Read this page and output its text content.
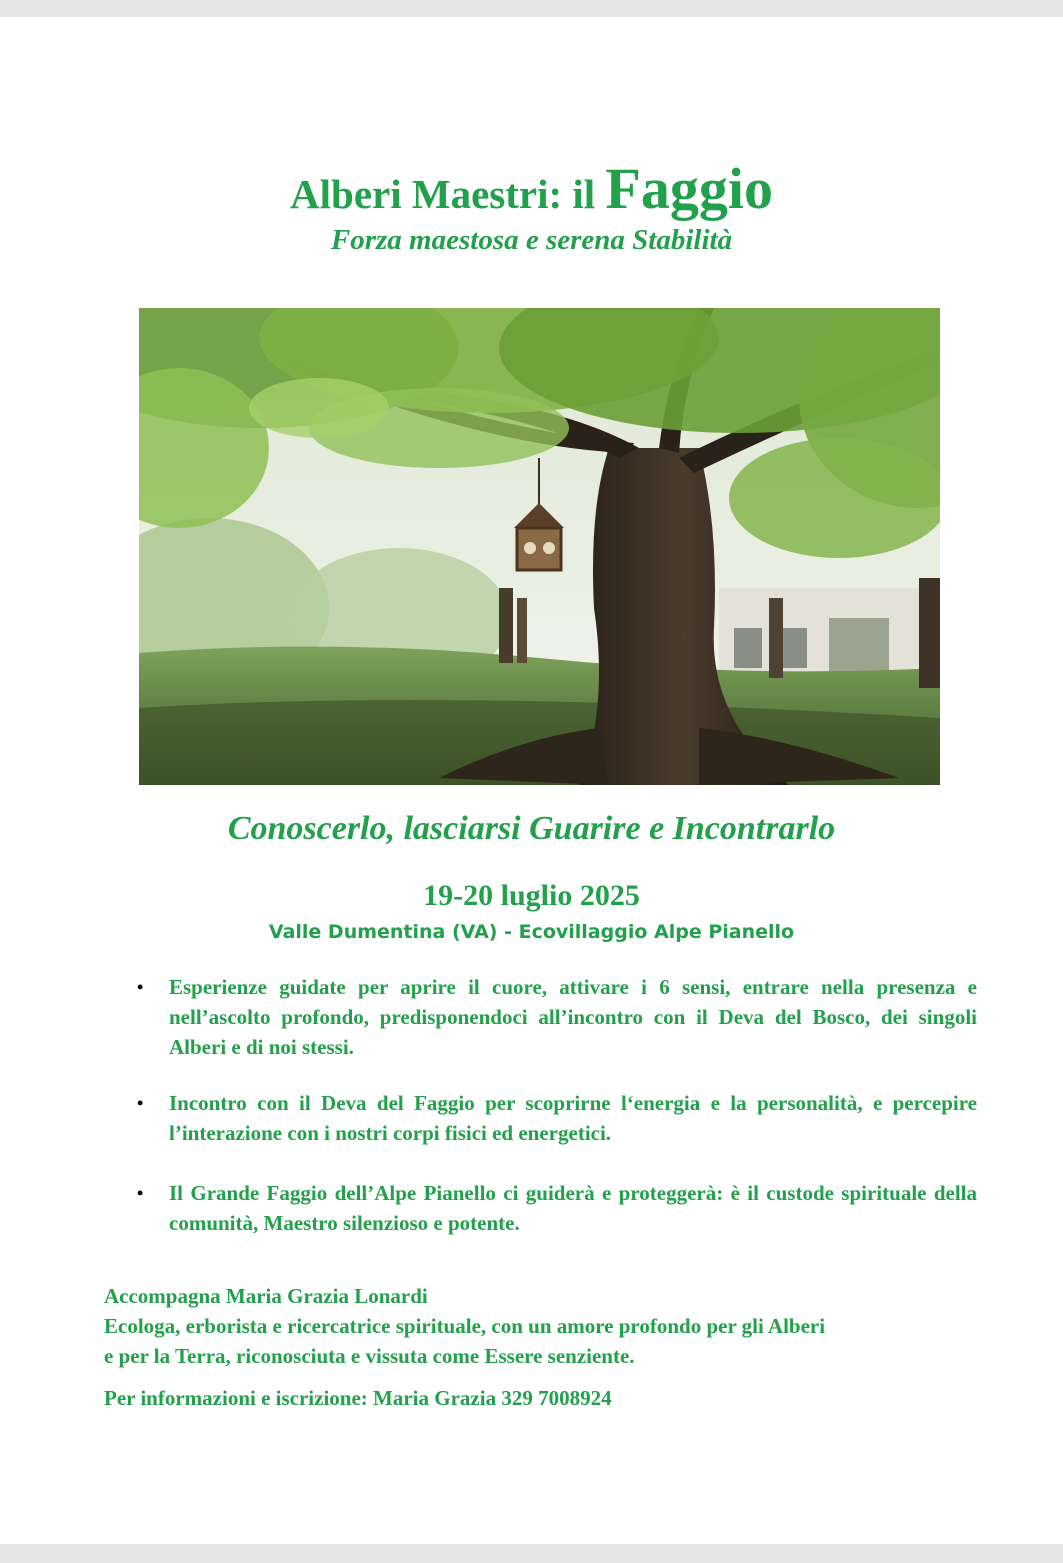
Alberi Maestri: il Faggio
Forza maestosa e serena Stabilità
Conoscerlo, lasciarsi Guarire e Incontrarlo
19-20 luglio 2025
Valle Dumentina (VA) - Ecovillaggio Alpe Pianello
• Esperienze guidate per aprire il cuore, attivare i 6 sensi, entrare nella presenza e nell’ascolto profondo, predisponendoci all’incontro con il Deva del Bosco, dei singoli Alberi e di noi stessi.
• Incontro con il Deva del Faggio per scoprirne l‘energia e la personalità, e percepire l’interazione con i nostri corpi fisici ed energetici.
• Il Grande Faggio dell’Alpe Pianello ci guiderà e proteggerà: è il custode spirituale della comunità, Maestro silenzioso e potente.
Accompagna Maria Grazia Lonardi
Ecologa, erborista e ricercatrice spirituale, con un amore profondo per gli Alberi
e per la Terra, riconosciuta e vissuta come Essere senziente.
Per informazioni e iscrizione: Maria Grazia 329 7008924
